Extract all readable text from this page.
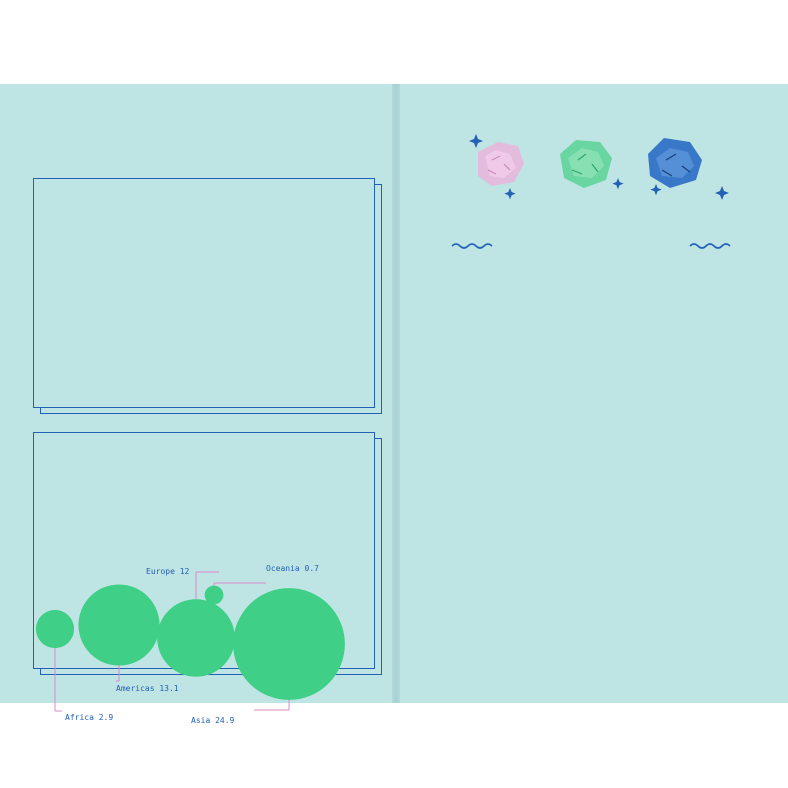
Africa 2.9
Americas 13.1
Europe 12	Oceania 0.7
Asia 24.9
